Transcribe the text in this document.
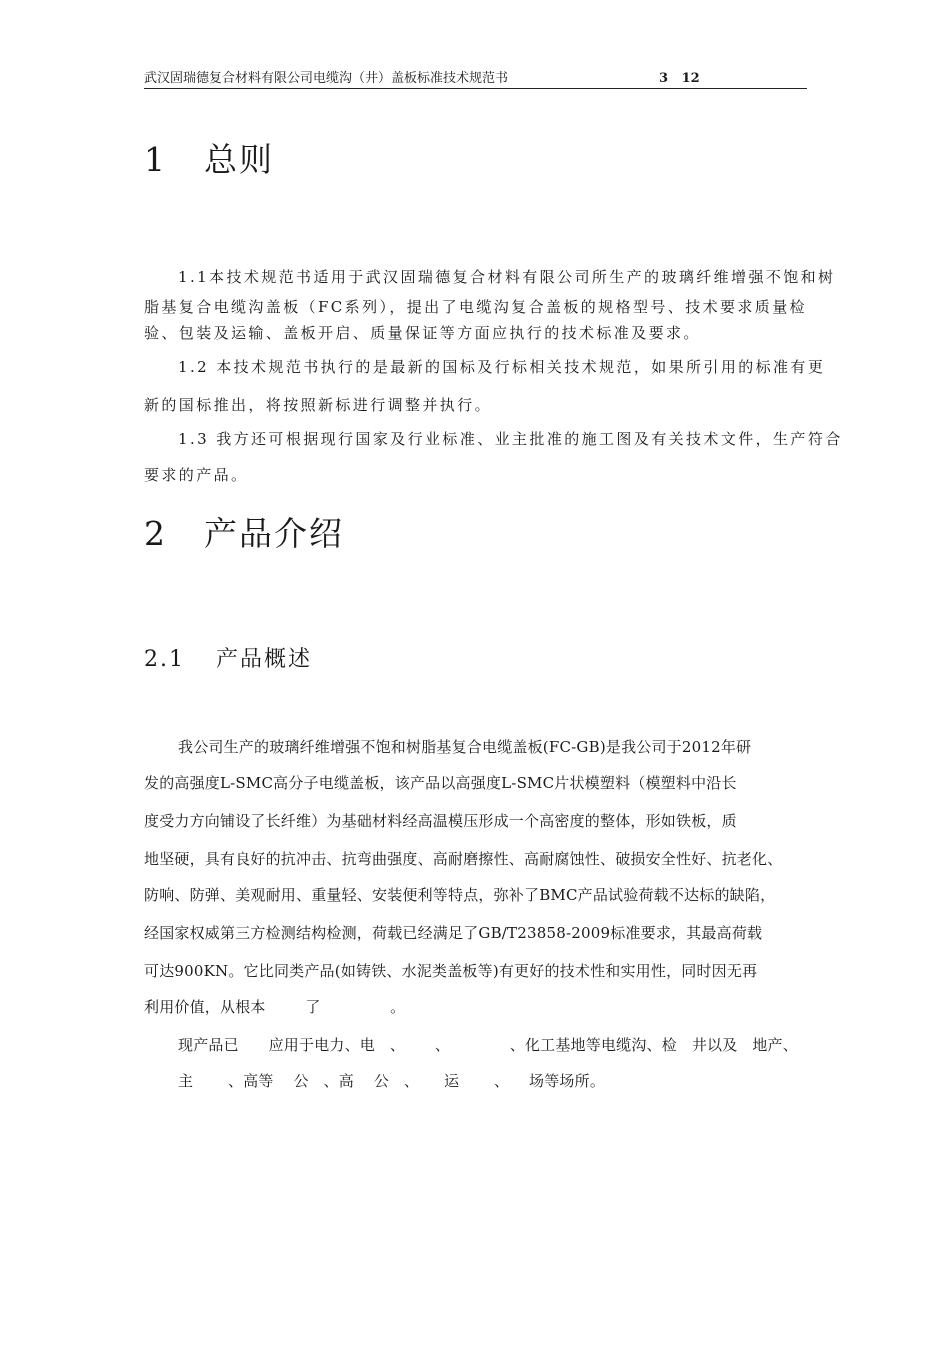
武汉固瑞德复合材料有限公司电缆沟（井）盖板标准技术规范书	3   12
1 总则
1.1本技术规范书适用于武汉固瑞德复合材料有限公司所生产的玻璃纤维增强不饱和树
脂基复合电缆沟盖板（FC系列），提出了电缆沟复合盖板的规格型号、技术要求质量检
验、包装及运输、盖板开启、质量保证等方面应执行的技术标准及要求。
1.2 本技术规范书执行的是最新的国标及行标相关技术规范，如果所引用的标准有更
新的国标推出，将按照新标进行调整并执行。
1.3 我方还可根据现行国家及行业标准、业主批准的施工图及有关技术文件，生产符合
要求的产品。
2 产品介绍
2.1 产品概述
我公司生产的玻璃纤维增强不饱和树脂基复合电缆盖板(FC-GB)是我公司于2012年研
发的高强度L-SMC高分子电缆盖板，该产品以高强度L-SMC片状模塑料（模塑料中沿长
度受力方向铺设了长纤维）为基础材料经高温模压形成一个高密度的整体，形如铁板，质
地坚硬，具有良好的抗冲击、抗弯曲强度、高耐磨擦性、高耐腐蚀性、破损安全性好、抗老化、
防响、防弹、美观耐用、重量轻、安装便利等特点，弥补了BMC产品试验荷载不达标的缺陷，
经国家权威第三方检测结构检测，荷载已经满足了GB/T23858-2009标准要求，其最高荷载
可达900KN。它比同类产品(如铸铁、水泥类盖板等)有更好的技术性和实用性，同时因无再
利用价值，从根本        了              。
现产品已      应用于电力、电   、      、            、化工基地等电缆沟、检   井以及   地产、
主       、高等    公   、高    公   、     运       、    场等场所。
